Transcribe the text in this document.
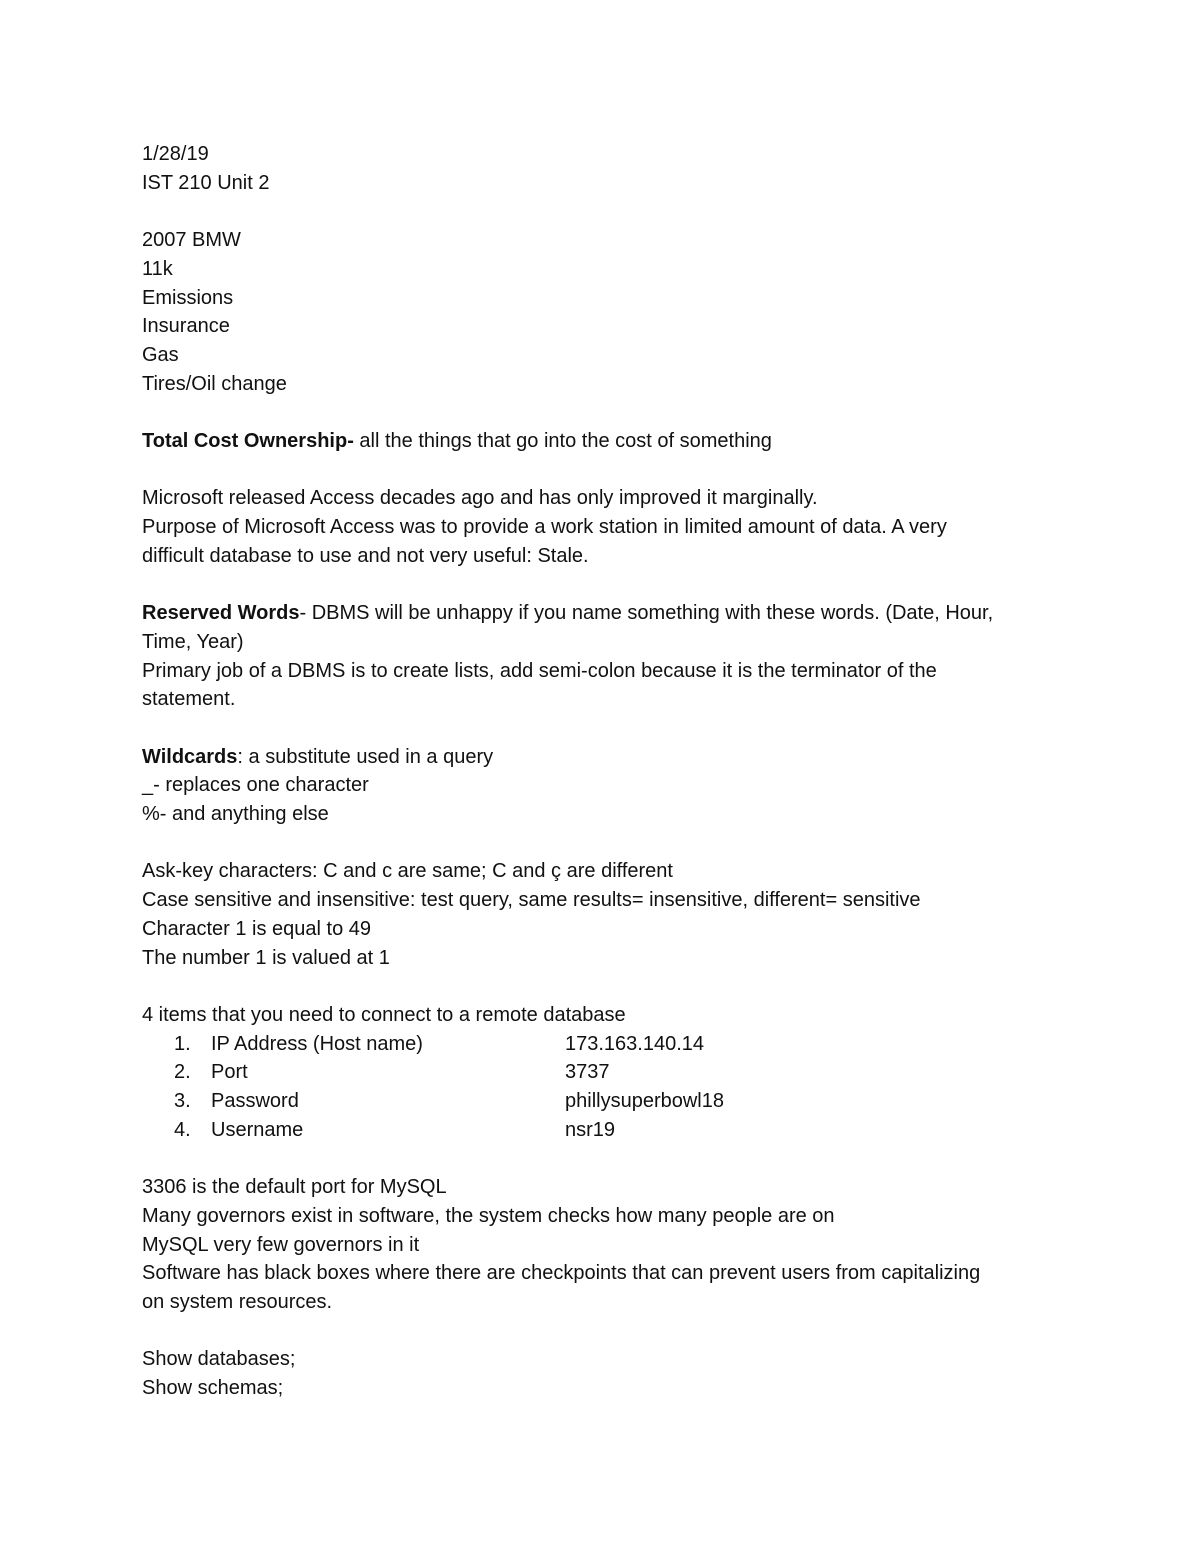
1/28/19

IST 210 Unit 2

2007 BMW

11k

Emissions

Insurance

Gas

Tires/Oil change

Total Cost Ownership- all the things that go into the cost of something

Microsoft released Access decades ago and has only improved it marginally.

Purpose of Microsoft Access was to provide a work station in limited amount of data. A very

difficult database to use and not very useful: Stale.

Reserved Words- DBMS will be unhappy if you name something with these words. (Date, Hour,

Time, Year)

Primary job of a DBMS is to create lists, add semi-colon because it is the terminator of the

statement.

Wildcards: a substitute used in a query

_- replaces one character

%- and anything else

Ask-key characters: C and c are same; C and ç are different

Case sensitive and insensitive: test query, same results= insensitive, different= sensitive

Character 1 is equal to 49

The number 1 is valued at 1

4 items that you need to connect to a remote database

1. IP Address (Host name)	173.163.140.14
2. Port	3737
3. Password	phillysuperbowl18
4. Username	nsr19

3306 is the default port for MySQL

Many governors exist in software, the system checks how many people are on

MySQL very few governors in it

Software has black boxes where there are checkpoints that can prevent users from capitalizing

on system resources.

Show databases;

Show schemas;
